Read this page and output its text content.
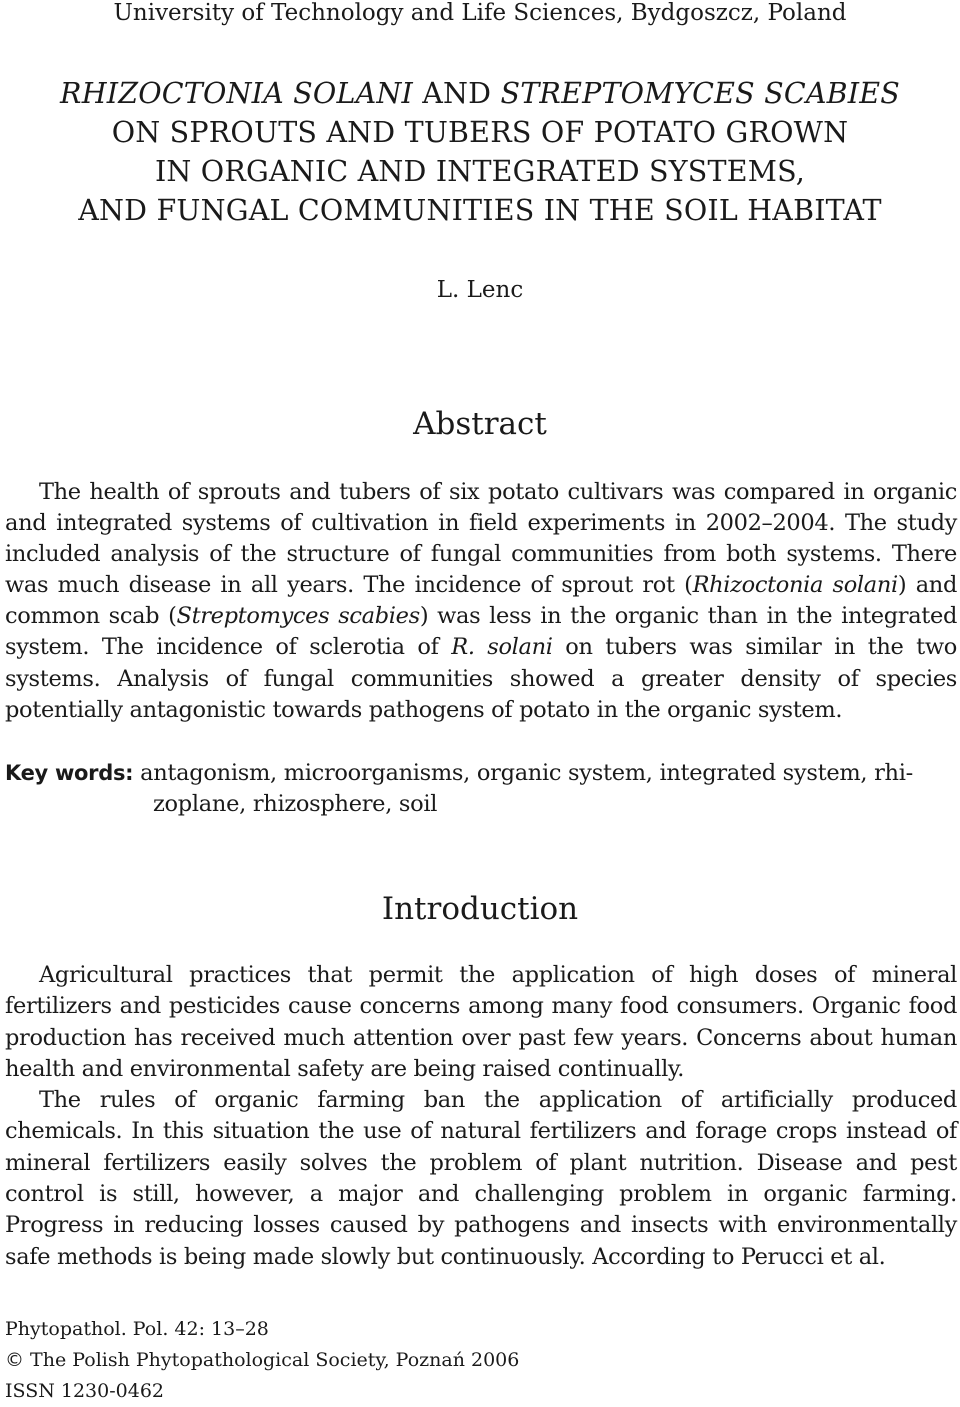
University of Technology and Life Sciences, Bydgoszcz, Poland
RHIZOCTONIA SOLANI AND STREPTOMYCES SCABIES
ON SPROUTS AND TUBERS OF POTATO GROWN
IN ORGANIC AND INTEGRATED SYSTEMS,
AND FUNGAL COMMUNITIES IN THE SOIL HABITAT
L. Lenc
Abstract
The health of sprouts and tubers of six potato cultivars was compared in organic and integrated systems of cultivation in field experiments in 2002–2004. The study included analysis of the structure of fungal communities from both systems. There was much disease in all years. The incidence of sprout rot (Rhizoctonia solani) and common scab (Streptomyces scabies) was less in the organic than in the integrated system. The incidence of sclerotia of R. solani on tubers was similar in the two systems. Analysis of fungal communities showed a greater density of species potentially antagonistic towards pathogens of potato in the organic system.
Key words: antagonism, microorganisms, organic system, integrated system, rhi-
zoplane, rhizosphere, soil
Introduction

Agricultural practices that permit the application of high doses of mineral fertilizers and pesticides cause concerns among many food consumers. Organic food production has received much attention over past few years. Concerns about human health and environmental safety are being raised continually.

The rules of organic farming ban the application of artificially produced chemicals. In this situation the use of natural fertilizers and forage crops instead of mineral fertilizers easily solves the problem of plant nutrition. Disease and pest control is still, however, a major and challenging problem in organic farming. Progress in reducing losses caused by pathogens and insects with environmentally safe methods is being made slowly but continuously. According to Perucci et al.

Phytopathol. Pol. 42: 13–28
© The Polish Phytopathological Society, Poznań 2006
ISSN 1230-0462
